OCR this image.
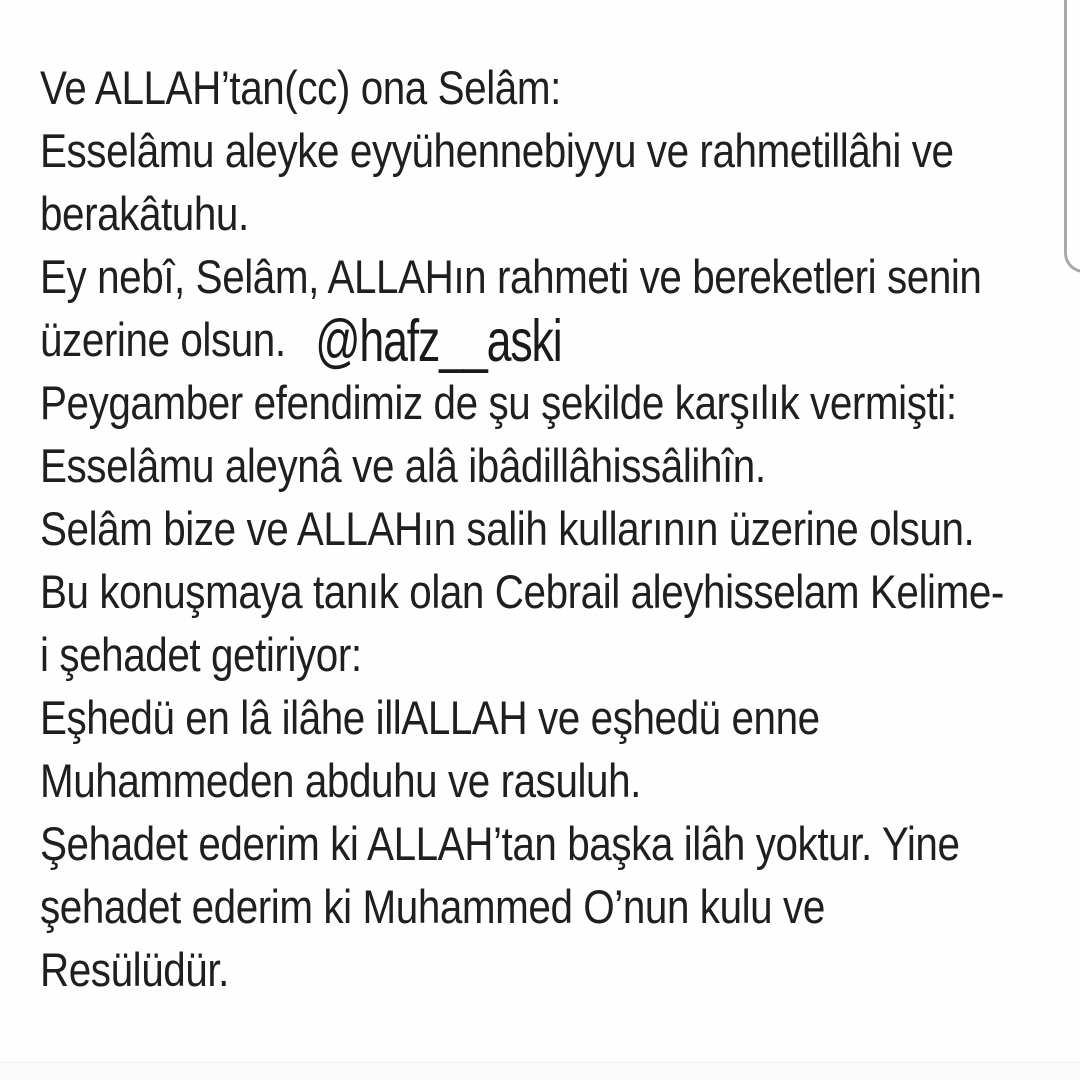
Ve ALLAH’tan(cc) ona Selâm:
Esselâmu aleyke eyyühennebiyyu ve rahmetillâhi ve
berakâtuhu.
Ey nebî, Selâm, ALLAHın rahmeti ve bereketleri senin
üzerine olsun. @hafz__aski
Peygamber efendimiz de şu şekilde karşılık vermişti:
Esselâmu aleynâ ve alâ ibâdillâhissâlihîn.
Selâm bize ve ALLAHın salih kullarının üzerine olsun.
Bu konuşmaya tanık olan Cebrail aleyhisselam Kelime-
i şehadet getiriyor:
Eşhedü en lâ ilâhe illALLAH ve eşhedü enne
Muhammeden abduhu ve rasuluh.
Şehadet ederim ki ALLAH’tan başka ilâh yoktur. Yine
şehadet ederim ki Muhammed O’nun kulu ve
Resülüdür.
